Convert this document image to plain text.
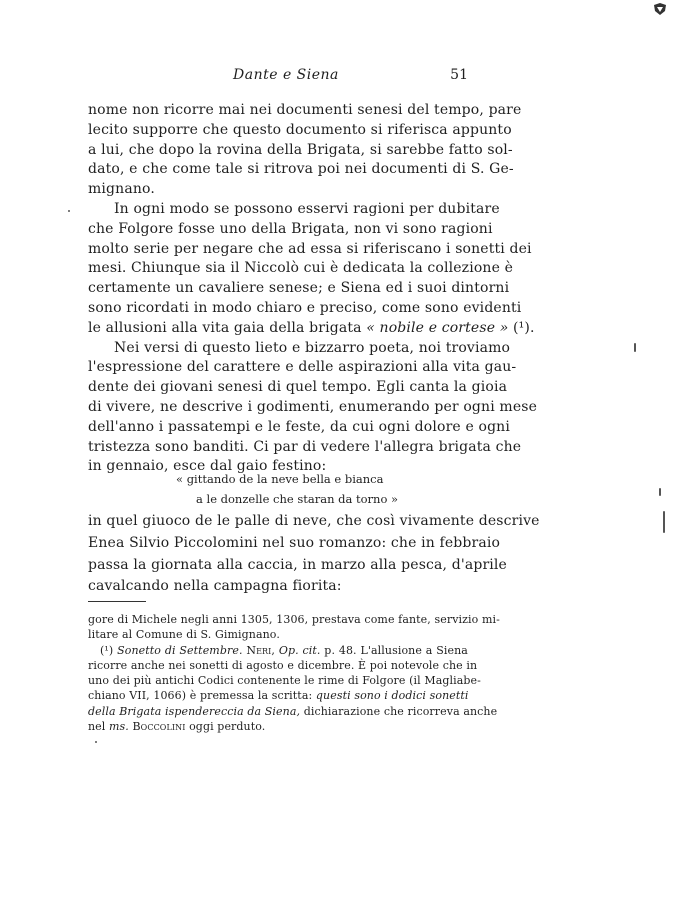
Dante e Siena	51
nome non ricorre mai nei documenti senesi del tempo, pare
lecito supporre che questo documento si riferisca appunto
a lui, che dopo la rovina della Brigata, si sarebbe fatto sol-
dato, e che come tale si ritrova poi nei documenti di S. Ge-
mignano.
In ogni modo se possono esservi ragioni per dubitare
che Folgore fosse uno della Brigata, non vi sono ragioni
molto serie per negare che ad essa si riferiscano i sonetti dei
mesi. Chiunque sia il Niccolò cui è dedicata la collezione è
certamente un cavaliere senese; e Siena ed i suoi dintorni
sono ricordati in modo chiaro e preciso, come sono evidenti
le allusioni alla vita gaia della brigata « nobile e cortese » (¹).
Nei versi di questo lieto e bizzarro poeta, noi troviamo
l'espressione del carattere e delle aspirazioni alla vita gau-
dente dei giovani senesi di quel tempo. Egli canta la gioia
di vivere, ne descrive i godimenti, enumerando per ogni mese
dell'anno i passatempi e le feste, da cui ogni dolore e ogni
tristezza sono banditi. Ci par di vedere l'allegra brigata che
in gennaio, esce dal gaio festino:
« gittando de la neve bella e bianca
a le donzelle che staran da torno »
in quel giuoco de le palle di neve, che così vivamente descrive
Enea Silvio Piccolomini nel suo romanzo: che in febbraio
passa la giornata alla caccia, in marzo alla pesca, d'aprile
cavalcando nella campagna fiorita:
gore di Michele negli anni 1305, 1306, prestava come fante, servizio mi-
litare al Comune di S. Gimignano.
(¹) Sonetto di Settembre. Neri, Op. cit. p. 48. L'allusione a Siena
ricorre anche nei sonetti di agosto e dicembre. È poi notevole che in
uno dei più antichi Codici contenente le rime di Folgore (il Magliabe-
chiano VII, 1066) è premessa la scritta: questi sono i dodici sonetti
della Brigata ispendereccia da Siena, dichiarazione che ricorreva anche
nel ms. Boccolini oggi perduto.
